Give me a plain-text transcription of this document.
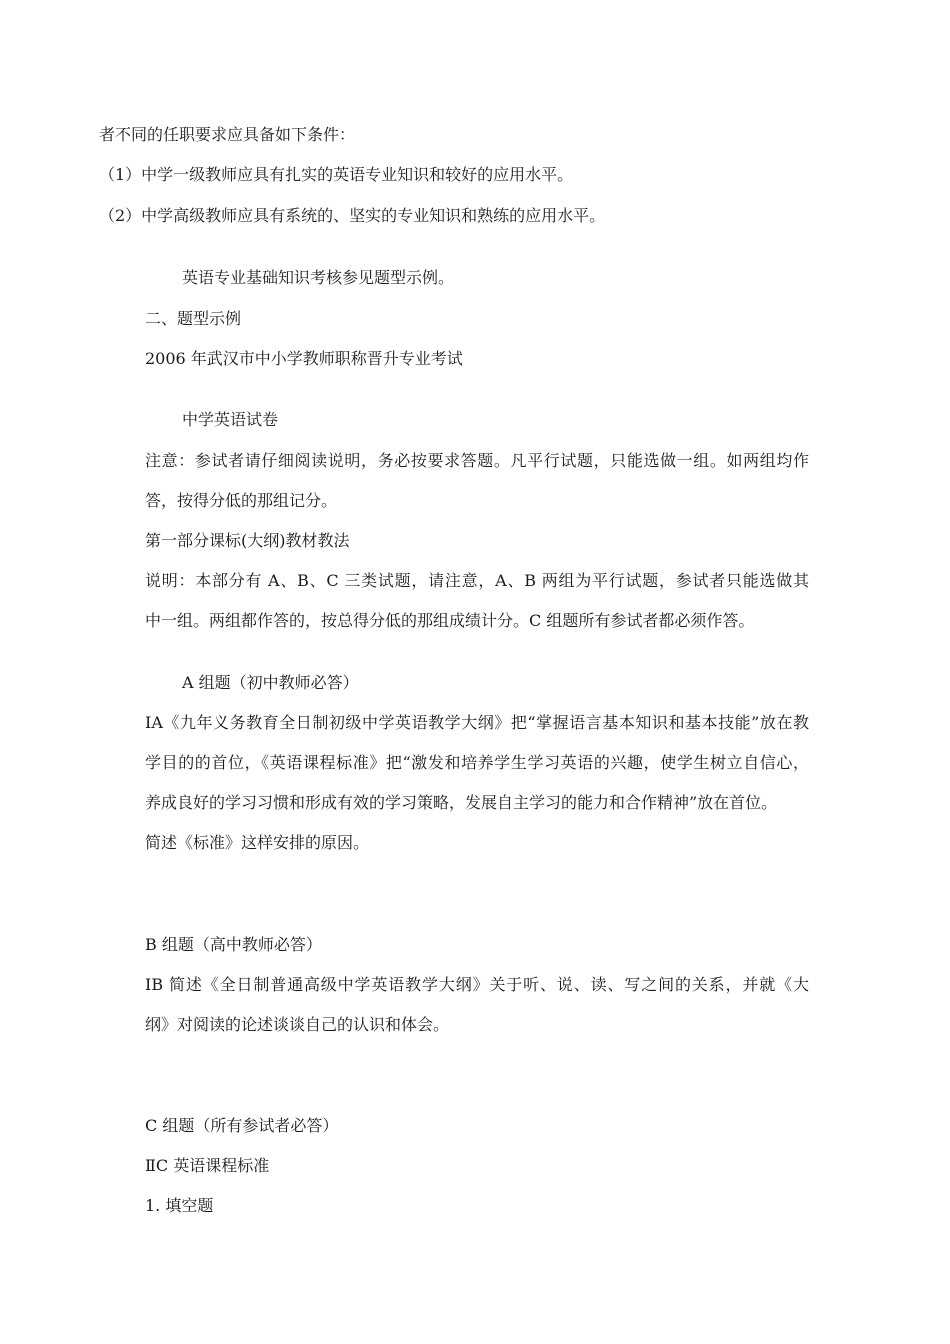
者不同的任职要求应具备如下条件：
（1）中学一级教师应具有扎实的英语专业知识和较好的应用水平。
（2）中学高级教师应具有系统的、坚实的专业知识和熟练的应用水平。
英语专业基础知识考核参见题型示例。
二、题型示例
2006 年武汉市中小学教师职称晋升专业考试
中学英语试卷
注意：参试者请仔细阅读说明，务必按要求答题。凡平行试题，只能选做一组。如两组均作
答，按得分低的那组记分。
第一部分课标(大纲)教材教法
说明：本部分有 A、B、C 三类试题，请注意，A、B 两组为平行试题，参试者只能选做其
中一组。两组都作答的，按总得分低的那组成绩计分。C 组题所有参试者都必须作答。
A 组题（初中教师必答）
IA《九年义务教育全日制初级中学英语教学大纲》把“掌握语言基本知识和基本技能”放在教
学目的的首位，《英语课程标准》把“激发和培养学生学习英语的兴趣，使学生树立自信心，
养成良好的学习习惯和形成有效的学习策略，发展自主学习的能力和合作精神”放在首位。
简述《标准》这样安排的原因。
B 组题（高中教师必答）
IB 简述《全日制普通高级中学英语教学大纲》关于听、说、读、写之间的关系，并就《大
纲》对阅读的论述谈谈自己的认识和体会。
C 组题（所有参试者必答）
ⅡC 英语课程标准
1. 填空题
